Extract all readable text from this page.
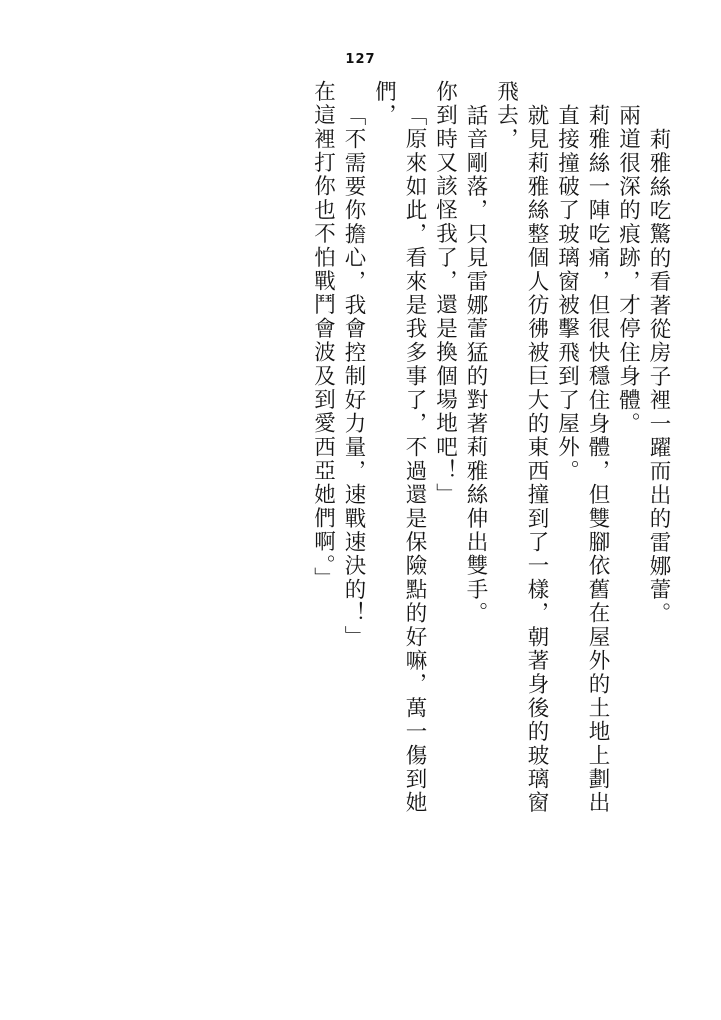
127
在這裡打你也不怕戰鬥會波及到愛西亞她們啊。」 「不需要你擔心，我會控制好力量，速戰速決的！」
們，
「原來如此，看來是我多事了，不過還是保險點的好嘛，萬一傷到她 你到時又該怪我了，還是換個場地吧！」 話音剛落，只見雷娜蕾猛的對著莉雅絲伸出雙手。 飛去， 就見莉雅絲整個人彷彿被巨大的東西撞到了一樣，朝著身後的玻璃窗 直接撞破了玻璃窗被擊飛到了屋外。 莉雅絲一陣吃痛，但很快穩住身體，但雙腳依舊在屋外的土地上劃出 兩道很深的痕跡，才停住身體。 莉雅絲吃驚的看著從房子裡一躍而出的雷娜蕾。
